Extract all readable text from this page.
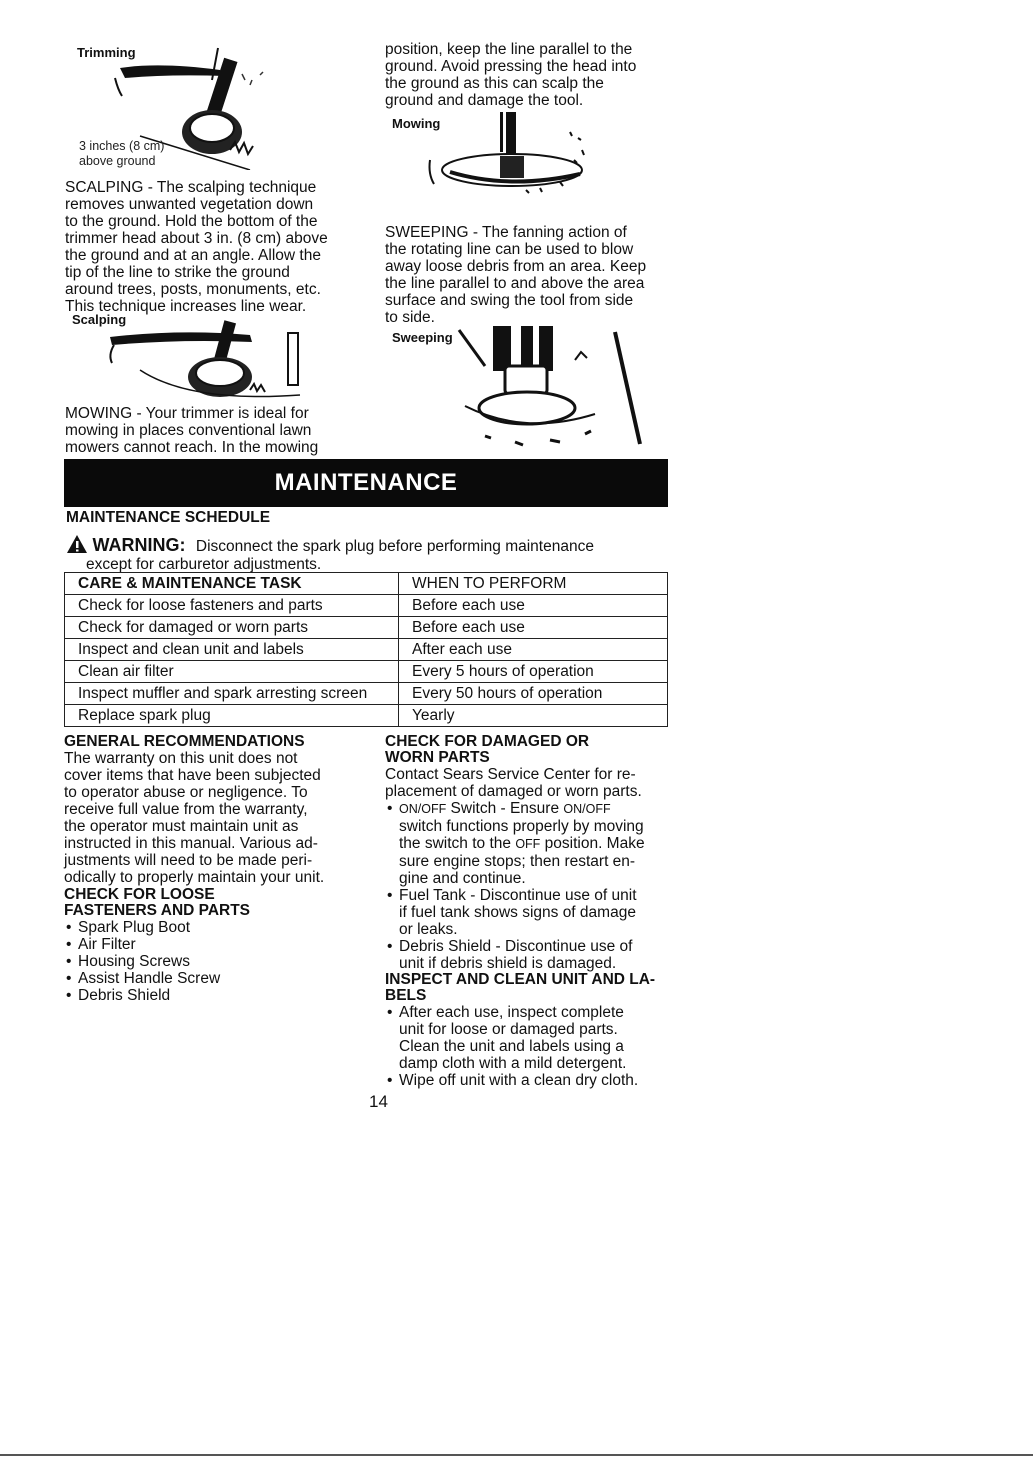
Trimming
3 inches (8 cm)
above ground
SCALPING - The scalping technique
removes unwanted vegetation down
to the ground. Hold the bottom of the
trimmer head about 3 in. (8 cm) above
the ground and at an angle. Allow the
tip of the line to strike the ground
around trees, posts, monuments, etc.
This technique increases line wear.
Scalping
MOWING - Your trimmer is ideal for
mowing in places conventional lawn
mowers cannot reach. In the mowing
position, keep the line parallel to the
ground. Avoid pressing the head into
the ground as this can scalp the
ground and damage the tool.
Mowing
SWEEPING - The fanning action of
the rotating line can be used to blow
away loose debris from an area. Keep
the line parallel to and above the area
surface and swing the tool from side
to side.
Sweeping
MAINTENANCE
MAINTENANCE SCHEDULE
WARNING: Disconnect the spark plug before performing maintenance
except for carburetor adjustments.
CARE & MAINTENANCE TASK	WHEN TO PERFORM
Check for loose fasteners and parts	Before each use
Check for damaged or worn parts	Before each use
Inspect and clean unit and labels	After each use
Clean air filter	Every 5 hours of operation
Inspect muffler and spark arresting screen	Every 50 hours of operation
Replace spark plug	Yearly
GENERAL RECOMMENDATIONS
The warranty on this unit does not
cover items that have been subjected
to operator abuse or negligence. To
receive full value from the warranty,
the operator must maintain unit as
instructed in this manual. Various ad-
justments will need to be made peri-
odically to properly maintain your unit.
CHECK FOR LOOSE
FASTENERS AND PARTS
• Spark Plug Boot
• Air Filter
• Housing Screws
• Assist Handle Screw
• Debris Shield
CHECK FOR DAMAGED OR
WORN PARTS
Contact Sears Service Center for re-
placement of damaged or worn parts.
• ON/OFF Switch - Ensure ON/OFF
switch functions properly by moving
the switch to the OFF position. Make
sure engine stops; then restart en-
gine and continue.
• Fuel Tank - Discontinue use of unit
if fuel tank shows signs of damage
or leaks.
• Debris Shield - Discontinue use of
unit if debris shield is damaged.
INSPECT AND CLEAN UNIT AND LA-
BELS
• After each use, inspect complete
unit for loose or damaged parts.
Clean the unit and labels using a
damp cloth with a mild detergent.
• Wipe off unit with a clean dry cloth.
14
